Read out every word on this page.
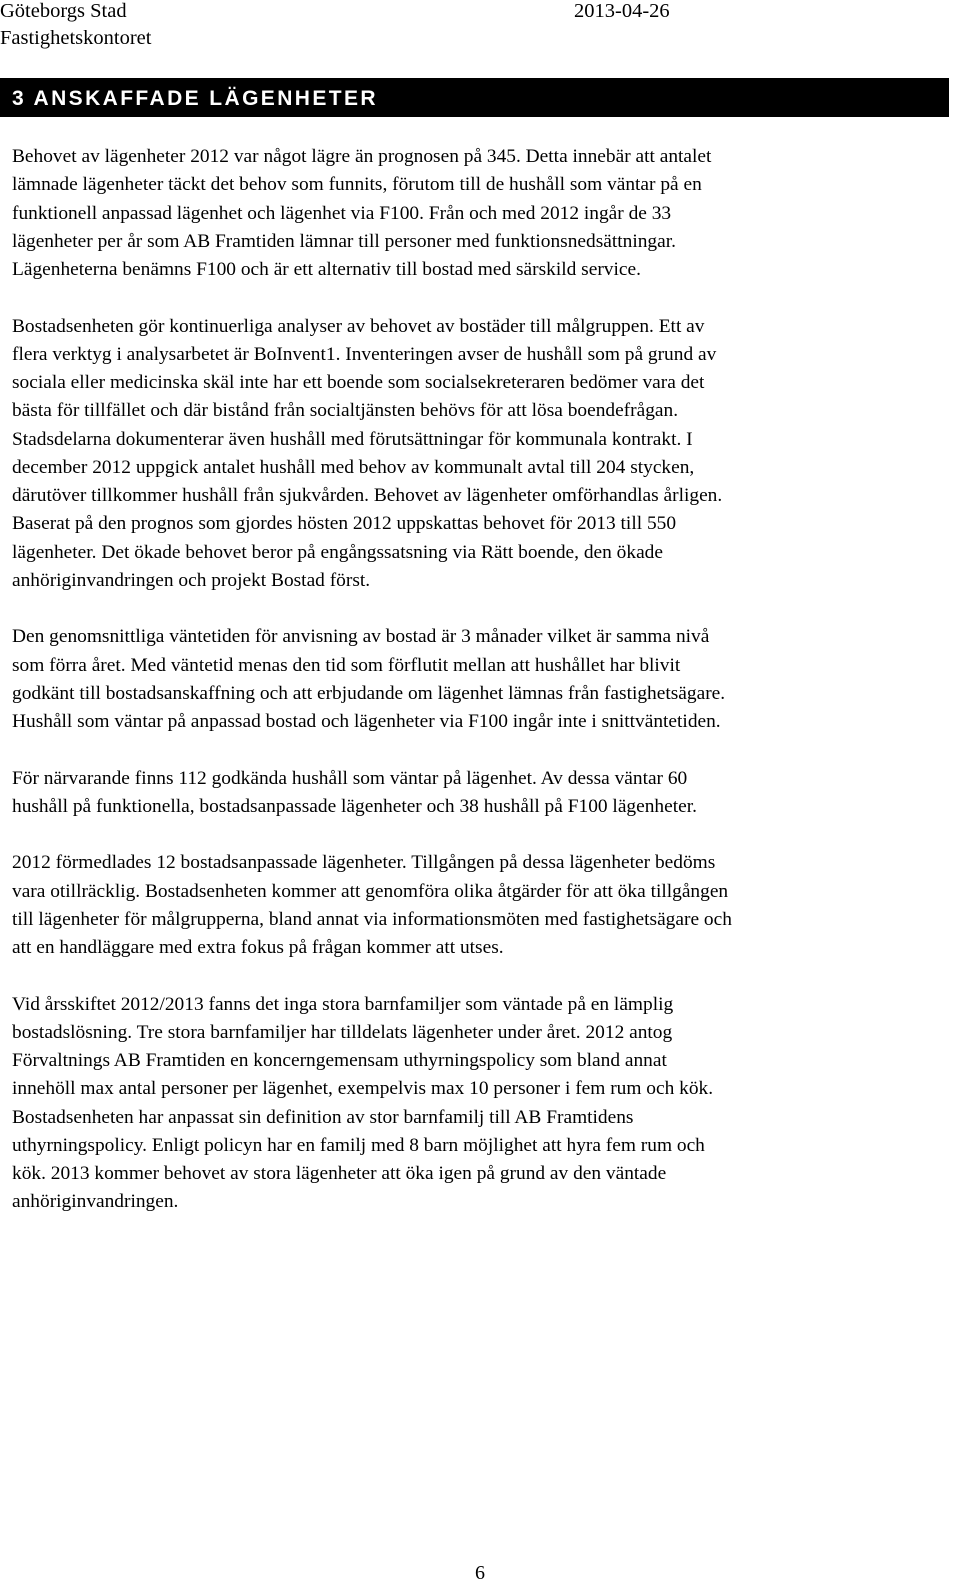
Göteborgs Stad
Fastighetskontoret
2013-04-26
3 ANSKAFFADE LÄGENHETER

Behovet av lägenheter 2012 var något lägre än prognosen på 345. Detta innebär att antalet
lämnade lägenheter täckt det behov som funnits, förutom till de hushåll som väntar på en
funktionell anpassad lägenhet och lägenhet via F100. Från och med 2012 ingår de 33
lägenheter per år som AB Framtiden lämnar till personer med funktionsnedsättningar.
Lägenheterna benämns F100 och är ett alternativ till bostad med särskild service.

Bostadsenheten gör kontinuerliga analyser av behovet av bostäder till målgruppen. Ett av
flera verktyg i analysarbetet är BoInvent1. Inventeringen avser de hushåll som på grund av
sociala eller medicinska skäl inte har ett boende som socialsekreteraren bedömer vara det
bästa för tillfället och där bistånd från socialtjänsten behövs för att lösa boendefrågan.
Stadsdelarna dokumenterar även hushåll med förutsättningar för kommunala kontrakt. I
december 2012 uppgick antalet hushåll med behov av kommunalt avtal till 204 stycken,
därutöver tillkommer hushåll från sjukvården. Behovet av lägenheter omförhandlas årligen.
Baserat på den prognos som gjordes hösten 2012 uppskattas behovet för 2013 till 550
lägenheter. Det ökade behovet beror på engångssatsning via Rätt boende, den ökade
anhöriginvandringen och projekt Bostad först.

Den genomsnittliga väntetiden för anvisning av bostad är 3 månader vilket är samma nivå
som förra året. Med väntetid menas den tid som förflutit mellan att hushållet har blivit
godkänt till bostadsanskaffning och att erbjudande om lägenhet lämnas från fastighetsägare.
Hushåll som väntar på anpassad bostad och lägenheter via F100 ingår inte i snittväntetiden.

För närvarande finns 112 godkända hushåll som väntar på lägenhet. Av dessa väntar 60
hushåll på funktionella, bostadsanpassade lägenheter och 38 hushåll på F100 lägenheter.

2012 förmedlades 12 bostadsanpassade lägenheter. Tillgången på dessa lägenheter bedöms
vara otillräcklig. Bostadsenheten kommer att genomföra olika åtgärder för att öka tillgången
till lägenheter för målgrupperna, bland annat via informationsmöten med fastighetsägare och
att en handläggare med extra fokus på frågan kommer att utses.

Vid årsskiftet 2012/2013 fanns det inga stora barnfamiljer som väntade på en lämplig
bostadslösning. Tre stora barnfamiljer har tilldelats lägenheter under året. 2012 antog
Förvaltnings AB Framtiden en koncerngemensam uthyrningspolicy som bland annat
innehöll max antal personer per lägenhet, exempelvis max 10 personer i fem rum och kök.
Bostadsenheten har anpassat sin definition av stor barnfamilj till AB Framtidens
uthyrningspolicy. Enligt policyn har en familj med 8 barn möjlighet att hyra fem rum och
kök. 2013 kommer behovet av stora lägenheter att öka igen på grund av den väntade
anhöriginvandringen.

6
